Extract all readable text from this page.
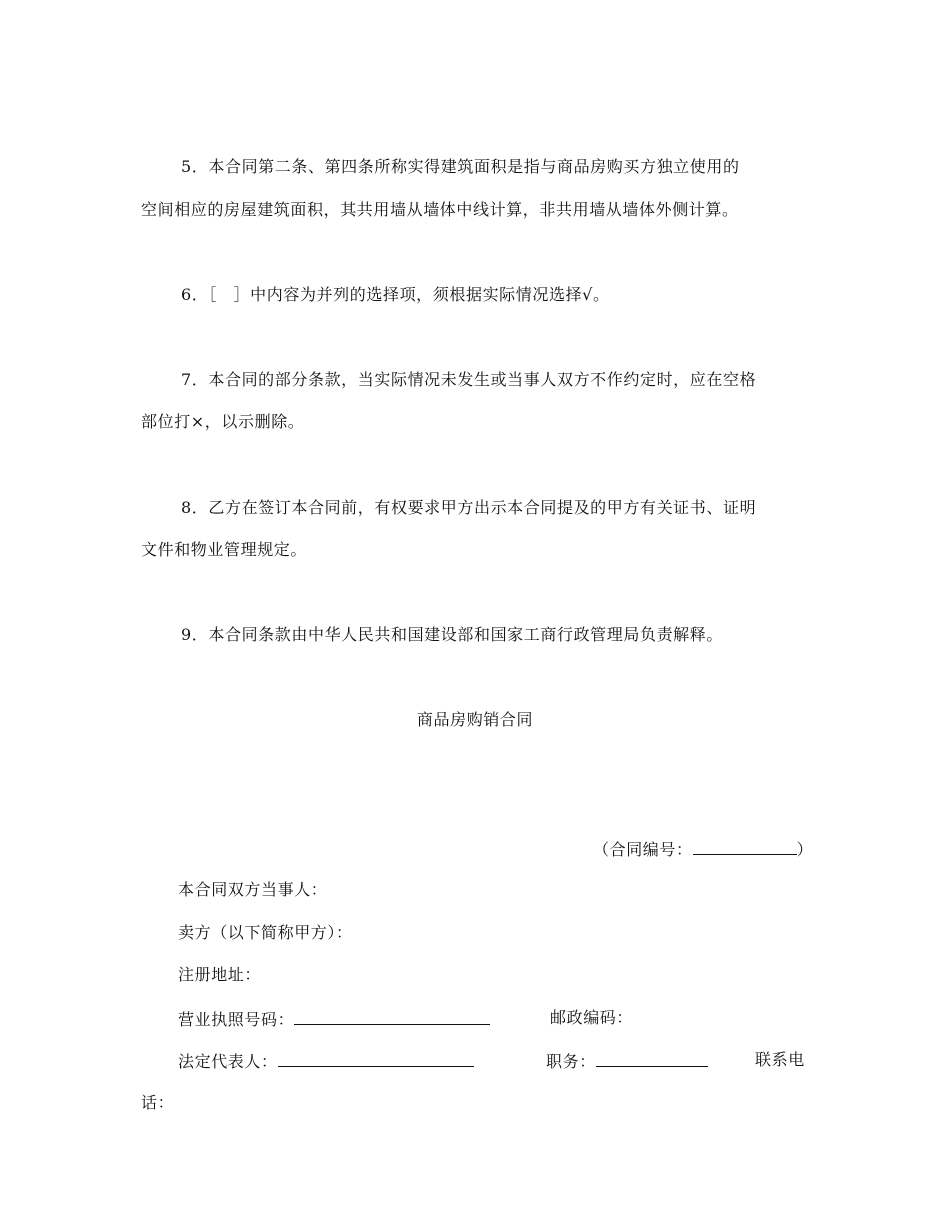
5．本合同第二条、第四条所称实得建筑面积是指与商品房购买方独立使用的
空间相应的房屋建筑面积，其共用墙从墙体中线计算，非共用墙从墙体外侧计算。
6．［　］中内容为并列的选择项，须根据实际情况选择√。
7．本合同的部分条款，当实际情况未发生或当事人双方不作约定时，应在空格
部位打×，以示删除。
8．乙方在签订本合同前，有权要求甲方出示本合同提及的甲方有关证书、证明
文件和物业管理规定。
9．本合同条款由中华人民共和国建设部和国家工商行政管理局负责解释。
商品房购销合同
（合同编号：	）
本合同双方当事人：
卖方（以下简称甲方）：
注册地址：
营业执照号码：	邮政编码：
法定代表人：	职务：	联系电
话：
